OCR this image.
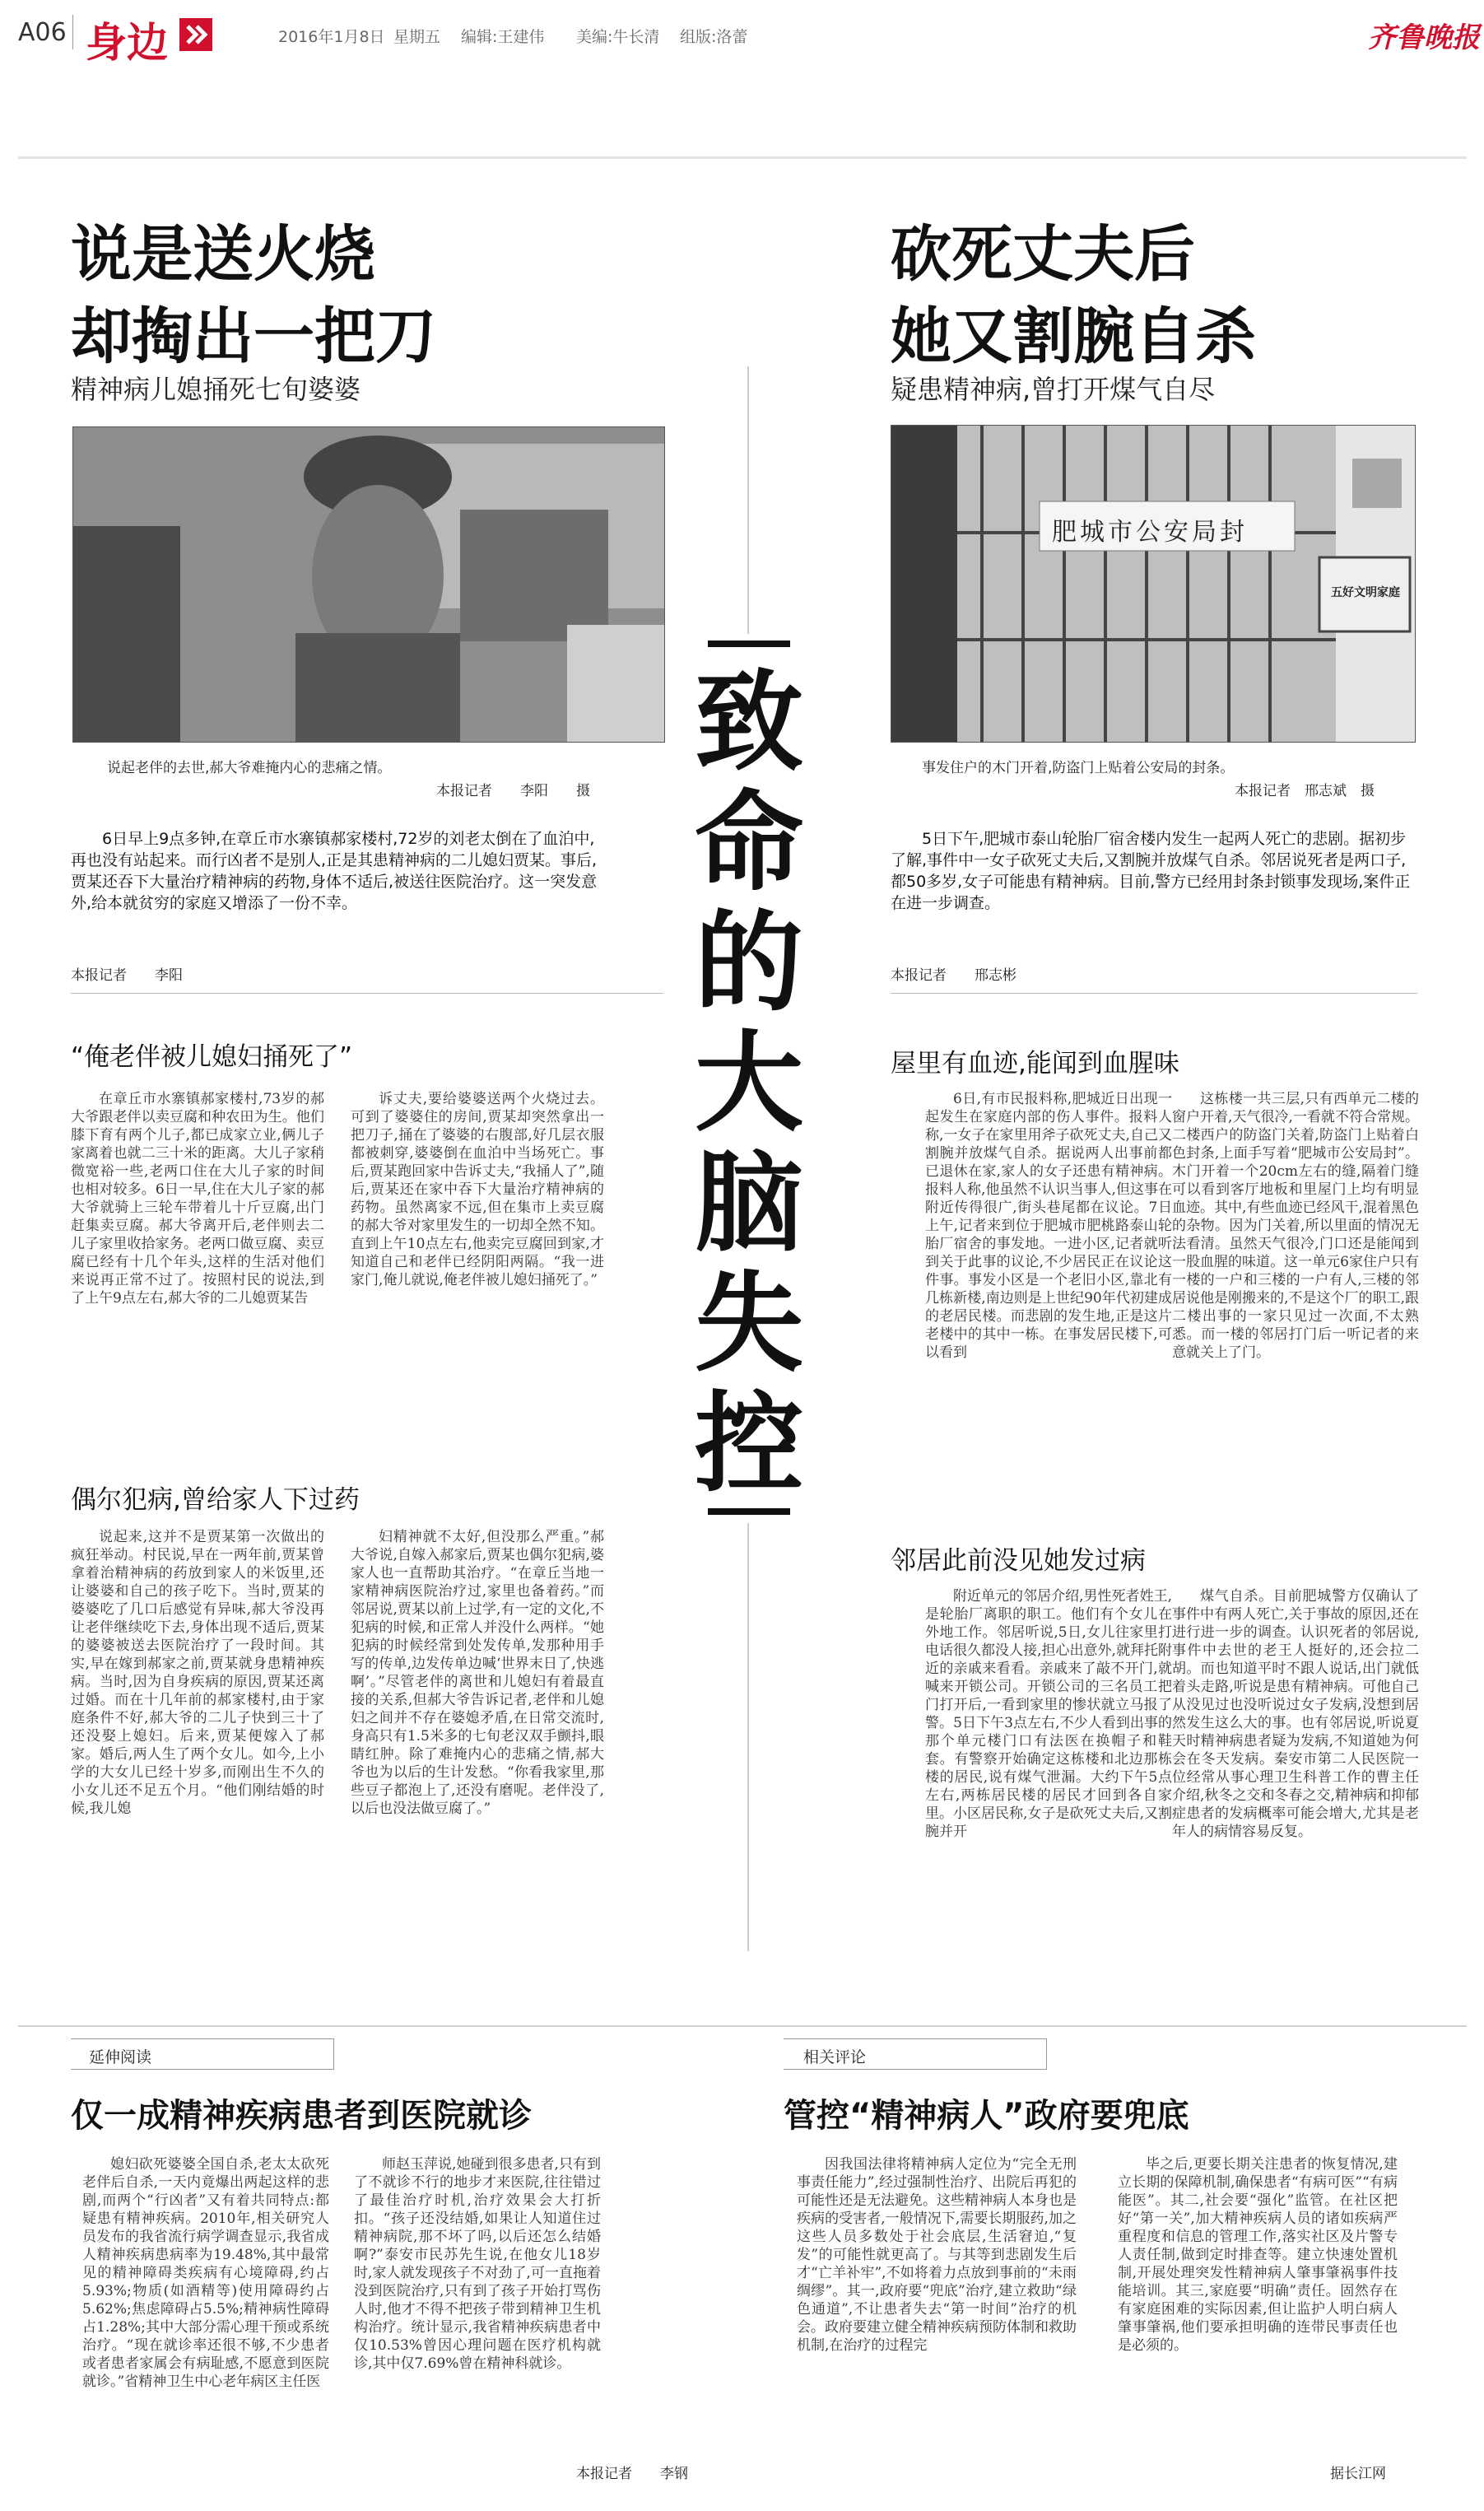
A06 身边	2016年1月8日 星期五 编辑:王建伟 美编:牛长清 组版:洛蕾	齐鲁晚报
致命的大脑失控
说是送火烧
却掏出一把刀
精神病儿媳捅死七旬婆婆
说起老伴的去世,郝大爷难掩内心的悲痛之情。
本报记者　　李阳　　摄
6日早上9点多钟,在章丘市水寨镇郝家楼村,72岁的刘老太倒在了血泊中,再也没有站起来。而行凶者不是别人,正是其患精神病的二儿媳妇贾某。事后,贾某还吞下大量治疗精神病的药物,身体不适后,被送往医院治疗。这一突发意外,给本就贫穷的家庭又增添了一份不幸。
本报记者　　李阳
“俺老伴被儿媳妇捅死了”
在章丘市水寨镇郝家楼村,73岁的郝大爷跟老伴以卖豆腐和种农田为生。他们膝下育有两个儿子,都已成家立业,俩儿子家离着也就二三十米的距离。大儿子家稍微宽裕一些,老两口住在大儿子家的时间也相对较多。6日一早,住在大儿子家的郝大爷就骑上三轮车带着儿十斤豆腐,出门赶集卖豆腐。郝大爷离开后,老伴则去二儿子家里收拾家务。老两口做豆腐、卖豆腐已经有十几个年头,这样的生活对他们来说再正常不过了。按照村民的说法,到了上午9点左右,郝大爷的二儿媳贾某告
诉丈夫,要给婆婆送两个火烧过去。可到了婆婆住的房间,贾某却突然拿出一把刀子,捅在了婆婆的右腹部,好几层衣服都被刺穿,婆婆倒在血泊中当场死亡。事后,贾某跑回家中告诉丈夫,“我捅人了”,随后,贾某还在家中吞下大量治疗精神病的药物。虽然离家不远,但在集市上卖豆腐的郝大爷对家里发生的一切却全然不知。直到上午10点左右,他卖完豆腐回到家,才知道自己和老伴已经阴阳两隔。“我一进家门,俺儿就说,俺老伴被儿媳妇捅死了。”
偶尔犯病,曾给家人下过药
说起来,这并不是贾某第一次做出的疯狂举动。村民说,早在一两年前,贾某曾拿着治精神病的药放到家人的米饭里,还让婆婆和自己的孩子吃下。当时,贾某的婆婆吃了几口后感觉有异味,郝大爷没再让老伴继续吃下去,身体出现不适后,贾某的婆婆被送去医院治疗了一段时间。其实,早在嫁到郝家之前,贾某就身患精神疾病。当时,因为自身疾病的原因,贾某还离过婚。而在十几年前的郝家楼村,由于家庭条件不好,郝大爷的二儿子快到三十了还没娶上媳妇。后来,贾某便嫁入了郝家。婚后,两人生了两个女儿。如今,上小学的大女儿已经十岁多,而刚出生不久的小女儿还不足五个月。“他们刚结婚的时候,我儿媳
妇精神就不太好,但没那么严重。”郝大爷说,自嫁入郝家后,贾某也偶尔犯病,婆家人也一直帮助其治疗。“在章丘当地一家精神病医院治疗过,家里也备着药。”而邻居说,贾某以前上过学,有一定的文化,不犯病的时候,和正常人并没什么两样。“她犯病的时候经常到处发传单,发那种用手写的传单,边发传单边喊‘世界末日了,快逃啊’。”尽管老伴的离世和儿媳妇有着最直接的关系,但郝大爷告诉记者,老伴和儿媳妇之间并不存在婆媳矛盾,在日常交流时,身高只有1.5米多的七旬老汉双手颤抖,眼睛红肿。除了难掩内心的悲痛之情,郝大爷也为以后的生计发愁。“你看我家里,那些豆子都泡上了,还没有磨呢。老伴没了,以后也没法做豆腐了。”
砍死丈夫后
她又割腕自杀
疑患精神病,曾打开煤气自尽
肥城市公安局封
五好文明家庭
事发住户的木门开着,防盗门上贴着公安局的封条。
本报记者　邢志斌　摄
5日下午,肥城市泰山轮胎厂宿舍楼内发生一起两人死亡的悲剧。据初步了解,事件中一女子砍死丈夫后,又割腕并放煤气自杀。邻居说死者是两口子,都50多岁,女子可能患有精神病。目前,警方已经用封条封锁事发现场,案件正在进一步调查。
本报记者　　邢志彬
屋里有血迹,能闻到血腥味
6日,有市民报料称,肥城近日出现一起发生在家庭内部的伤人事件。报料人称,一女子在家里用斧子砍死丈夫,自己又割腕并放煤气自杀。据说两人出事前都已退休在家,家人的女子还患有精神病。报料人称,他虽然不认识当事人,但这事在附近传得很广,街头巷尾都在议论。7日上午,记者来到位于肥城市肥桃路泰山轮胎厂宿舍的事发地。一进小区,记者就听到关于此事的议论,不少居民正在议论这件事。事发小区是一个老旧小区,靠北有几栋新楼,南边则是上世纪90年代初建成的老居民楼。而悲剧的发生地,正是这片老楼中的其中一栋。在事发居民楼下,可以看到
这栋楼一共三层,只有西单元二楼的窗户开着,天气很冷,一看就不符合常规。二楼西户的防盗门关着,防盗门上贴着白色封条,上面手写着“肥城市公安局封”。木门开着一个20cm左右的缝,隔着门缝可以看到客厅地板和里屋门上均有明显血迹。其中,有些血迹已经风干,混着黑色的杂物。因为门关着,所以里面的情况无法看清。虽然天气很冷,门口还是能闻到一股血腥的味道。这一单元6家住户只有一楼的一户和三楼的一户有人,三楼的邻居说他是刚搬来的,不是这个厂的职工,跟二楼出事的一家只见过一次面,不太熟悉。而一楼的邻居打门后一听记者的来意就关上了门。
邻居此前没见她发过病
附近单元的邻居介绍,男性死者姓王,是轮胎厂离职的职工。他们有个女儿在外地工作。邻居听说,5日,女儿往家里打电话很久都没人接,担心出意外,就拜托附近的亲戚来看看。亲戚来了敲不开门,就喊来开锁公司。开锁公司的三名员工把门打开后,一看到家里的惨状就立马报了警。5日下午3点左右,不少人看到出事的那个单元楼门口有法医在换帽子和鞋套。有警察开始确定这栋楼和北边那栋楼的居民,说有煤气泄漏。大约下午5点左右,两栋居民楼的居民才回到各自家里。小区居民称,女子是砍死丈夫后,又割腕并开
煤气自杀。目前肥城警方仅确认了事件中有两人死亡,关于事故的原因,还在进行进一步的调查。认识死者的邻居说,事件中去世的老王人挺好的,还会拉二胡。而也知道平时不跟人说话,出门就低着头走路,听说是患有精神病。可他自己从没见过也没听说过女子发病,没想到居然发生这么大的事。也有邻居说,听说夏天时精神病患者疑为发病,不知道她为何会在冬天发病。秦安市第二人民医院一位经常从事心理卫生科普工作的曹主任介绍,秋冬之交和冬春之交,精神病和抑郁症患者的发病概率可能会增大,尤其是老年人的病情容易反复。
延伸阅读
仅一成精神疾病患者到医院就诊
媳妇砍死婆婆全国自杀,老太太砍死老伴后自杀,一天内竟爆出两起这样的悲剧,而两个“行凶者”又有着共同特点:都疑患有精神疾病。2010年,相关研究人员发布的我省流行病学调查显示,我省成人精神疾病患病率为19.48%,其中最常见的精神障碍类疾病有心境障碍,约占5.93%;物质(如酒精等)使用障碍约占5.62%;焦虑障碍占5.5%;精神病性障碍占1.28%;其中大部分需心理干预或系统治疗。“现在就诊率还很不够,不少患者或者患者家属会有病耻感,不愿意到医院就诊。”省精神卫生中心老年病区主任医
师赵玉萍说,她碰到很多患者,只有到了不就诊不行的地步才来医院,往往错过了最佳治疗时机,治疗效果会大打折扣。“孩子还没结婚,如果让人知道住过精神病院,那不坏了吗,以后还怎么结婚啊?”泰安市民苏先生说,在他女儿18岁时,家人就发现孩子不对劲了,可一直拖着没到医院治疗,只有到了孩子开始打骂伤人时,他才不得不把孩子带到精神卫生机构治疗。统计显示,我省精神疾病患者中仅10.53%曾因心理问题在医疗机构就诊,其中仅7.69%曾在精神科就诊。
本报记者　　李钢
相关评论
管控“精神病人”政府要兜底
因我国法律将精神病人定位为“完全无刑事责任能力”,经过强制性治疗、出院后再犯的可能性还是无法避免。这些精神病人本身也是疾病的受害者,一般情况下,需要长期服药,加之这些人员多数处于社会底层,生活窘迫,“复发”的可能性就更高了。与其等到悲剧发生后才“亡羊补牢”,不如将着力点放到事前的“未雨绸缪”。其一,政府要“兜底”治疗,建立救助“绿色通道”,不让患者失去“第一时间”治疗的机会。政府要建立健全精神疾病预防体制和救助机制,在治疗的过程完
毕之后,更要长期关注患者的恢复情况,建立长期的保障机制,确保患者“有病可医”“有病能医”。其二,社会要“强化”监管。在社区把好“第一关”,加大精神疾病人员的诸如疾病严重程度和信息的管理工作,落实社区及片警专人责任制,做到定时排查等。建立快速处置机制,开展处理突发性精神病人肇事肇祸事件技能培训。其三,家庭要“明确”责任。固然存在有家庭困难的实际因素,但让监护人明白病人肇事肇祸,他们要承担明确的连带民事责任也是必须的。
据长江网
